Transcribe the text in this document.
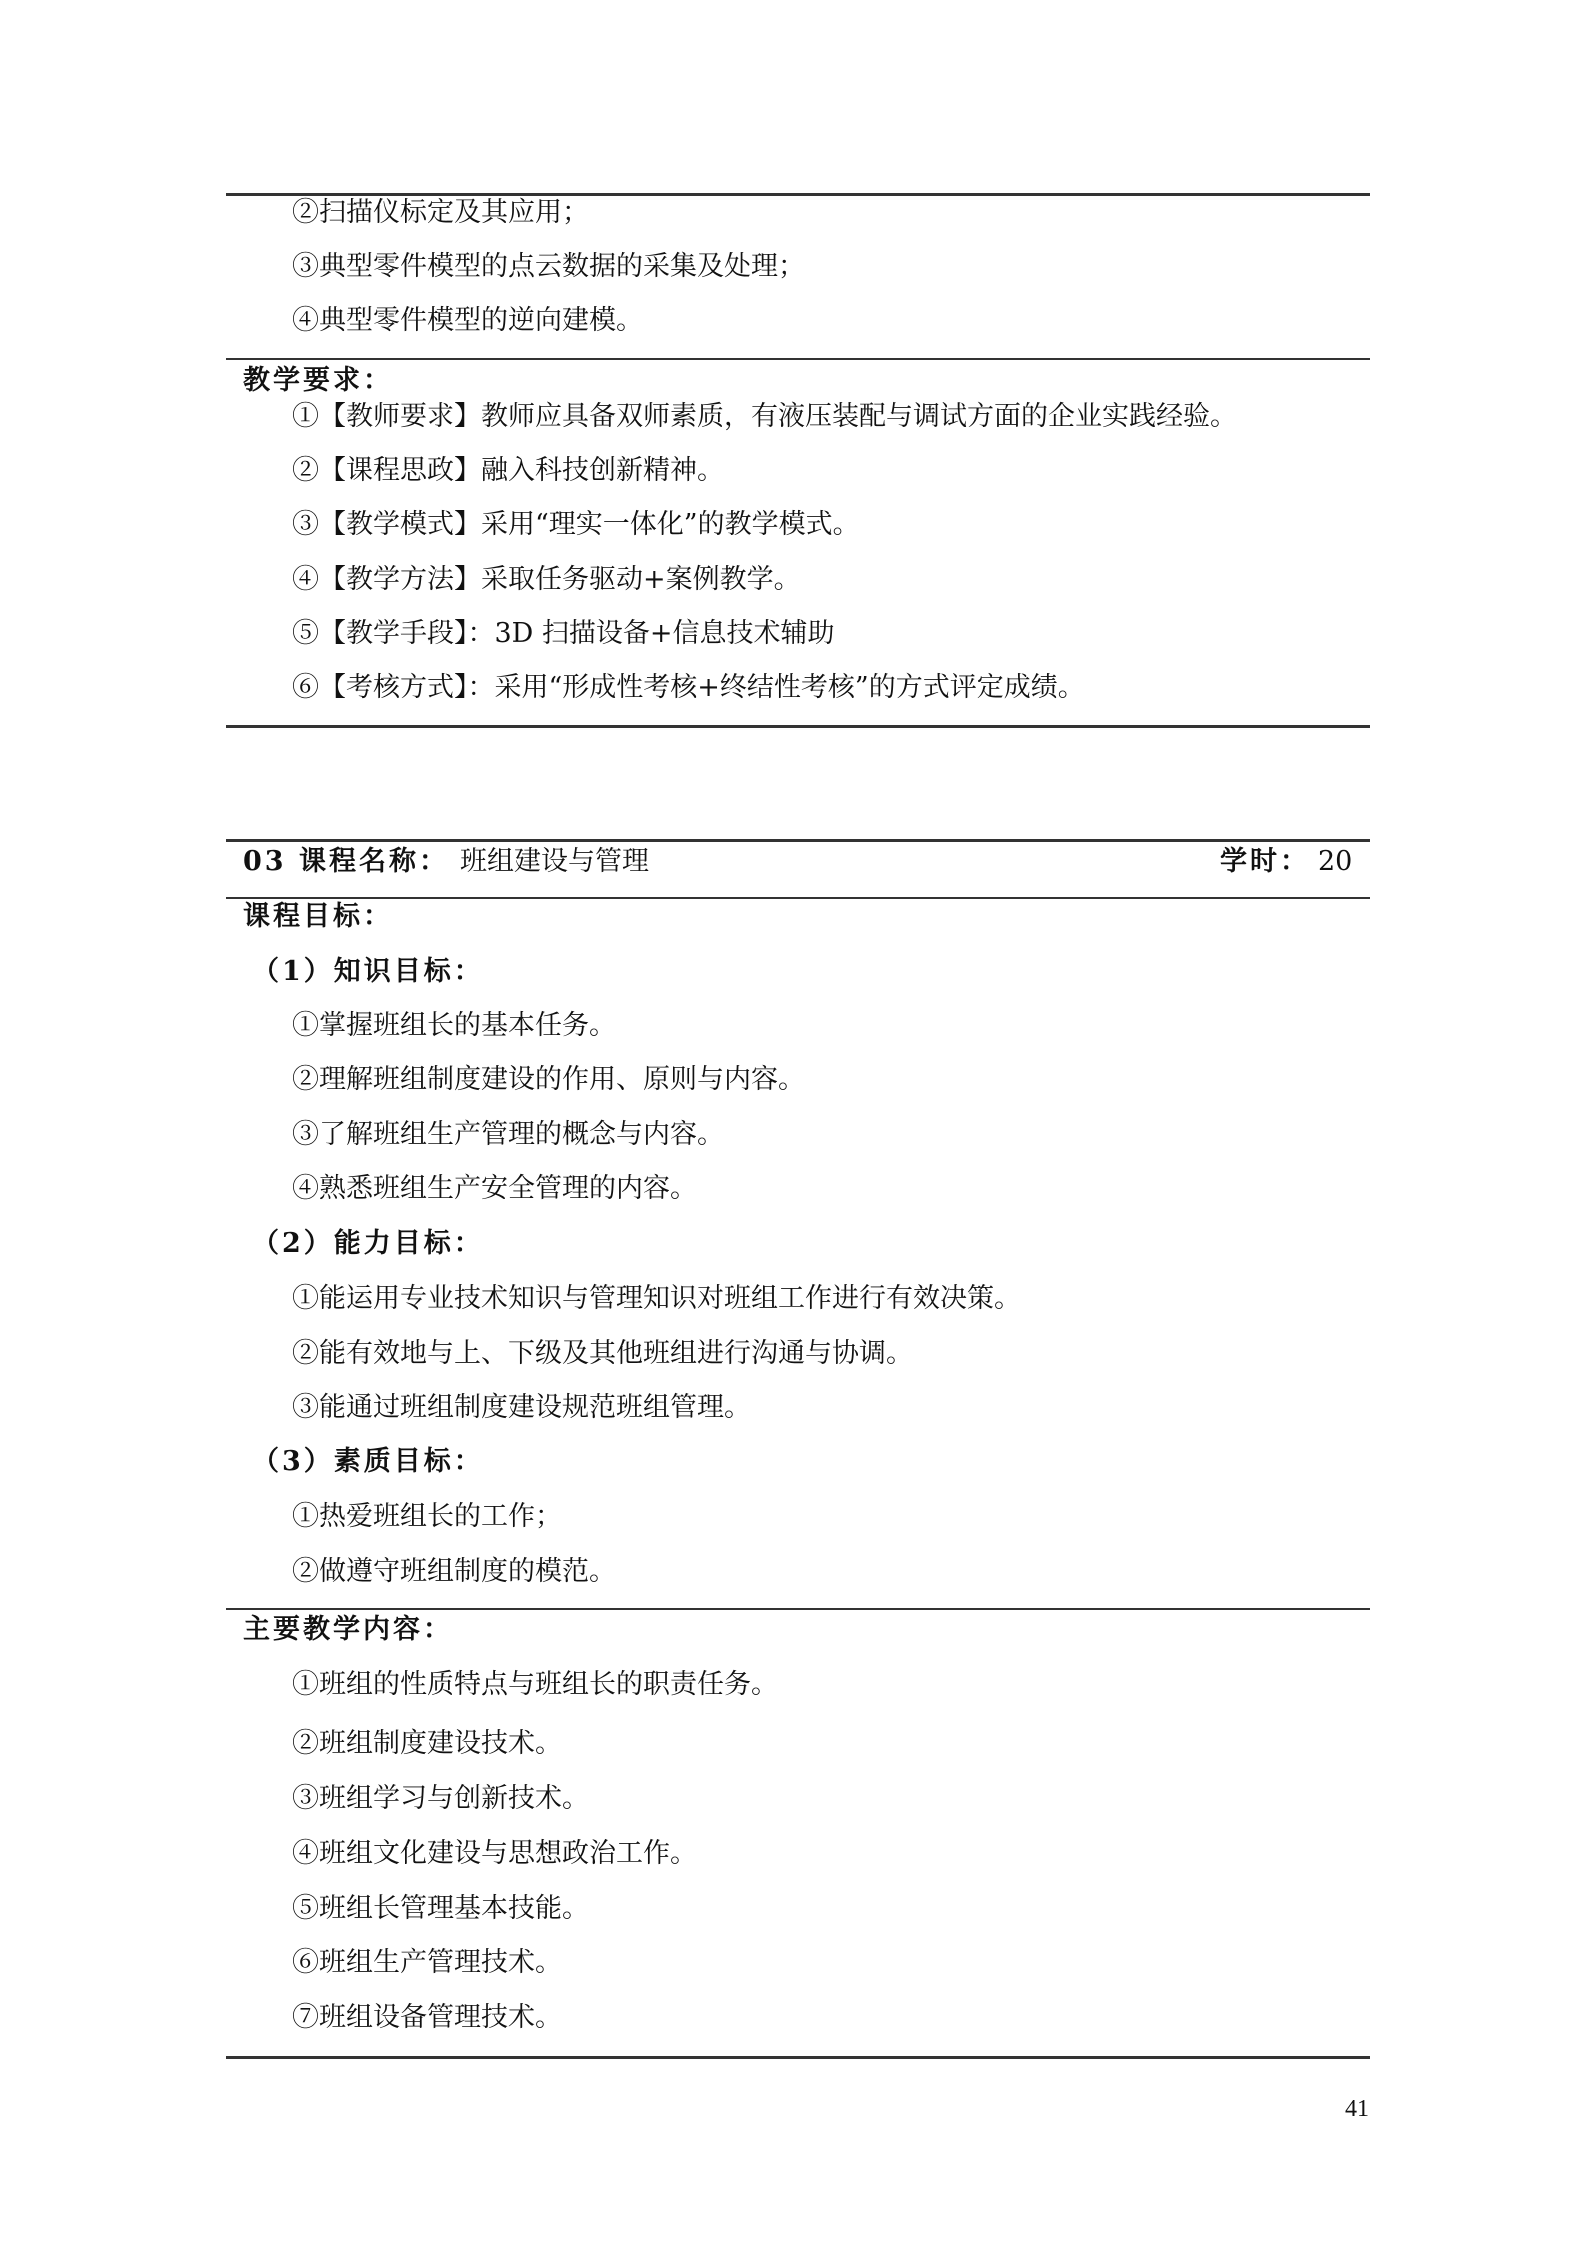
②扫描仪标定及其应用；
③典型零件模型的点云数据的采集及处理；
④典型零件模型的逆向建模。
教学要求：
①【教师要求】教师应具备双师素质，有液压装配与调试方面的企业实践经验。
②【课程思政】融入科技创新精神。
③【教学模式】采用“理实一体化”的教学模式。
④【教学方法】采取任务驱动+案例教学。
⑤【教学手段】：3D 扫描设备+信息技术辅助
⑥【考核方式】：采用“形成性考核+终结性考核”的方式评定成绩。
03 课程名称： 班组建设与管理	学时： 20
课程目标：
（1）知识目标：
①掌握班组长的基本任务。
②理解班组制度建设的作用、原则与内容。
③了解班组生产管理的概念与内容。
④熟悉班组生产安全管理的内容。
（2）能力目标：
①能运用专业技术知识与管理知识对班组工作进行有效决策。
②能有效地与上、下级及其他班组进行沟通与协调。
③能通过班组制度建设规范班组管理。
（3）素质目标：
①热爱班组长的工作；
②做遵守班组制度的模范。
主要教学内容：
①班组的性质特点与班组长的职责任务。
②班组制度建设技术。
③班组学习与创新技术。
④班组文化建设与思想政治工作。
⑤班组长管理基本技能。
⑥班组生产管理技术。
⑦班组设备管理技术。
41
